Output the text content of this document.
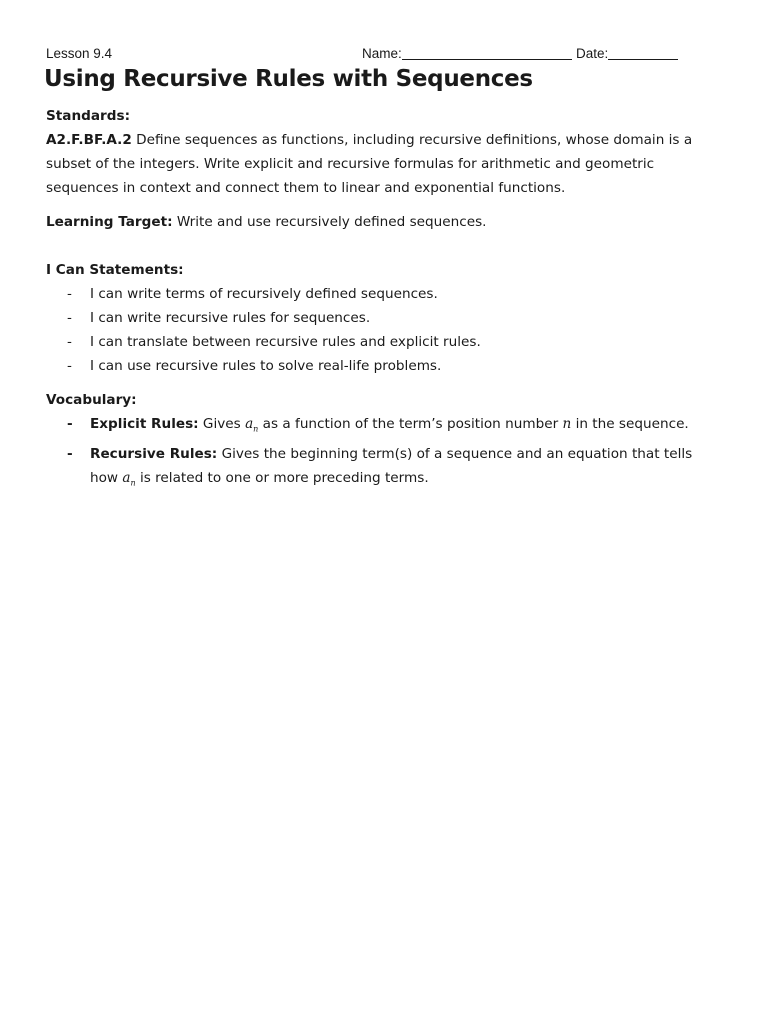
Lesson 9.4	Name:	Date:
Using Recursive Rules with Sequences

Standards:

A2.F.BF.A.2 Define sequences as functions, including recursive definitions, whose domain is a subset of the integers. Write explicit and recursive formulas for arithmetic and geometric sequences in context and connect them to linear and exponential functions.

Learning Target: Write and use recursively defined sequences.

I Can Statements:

- I can write terms of recursively defined sequences.
- I can write recursive rules for sequences.
- I can translate between recursive rules and explicit rules.
- I can use recursive rules to solve real-life problems.

Vocabulary:

- Explicit Rules: Gives $a_n$ as a function of the term’s position number n in the sequence.
- Recursive Rules: Gives the beginning term(s) of a sequence and an equation that tells how $a_n$ is related to one or more preceding terms.
